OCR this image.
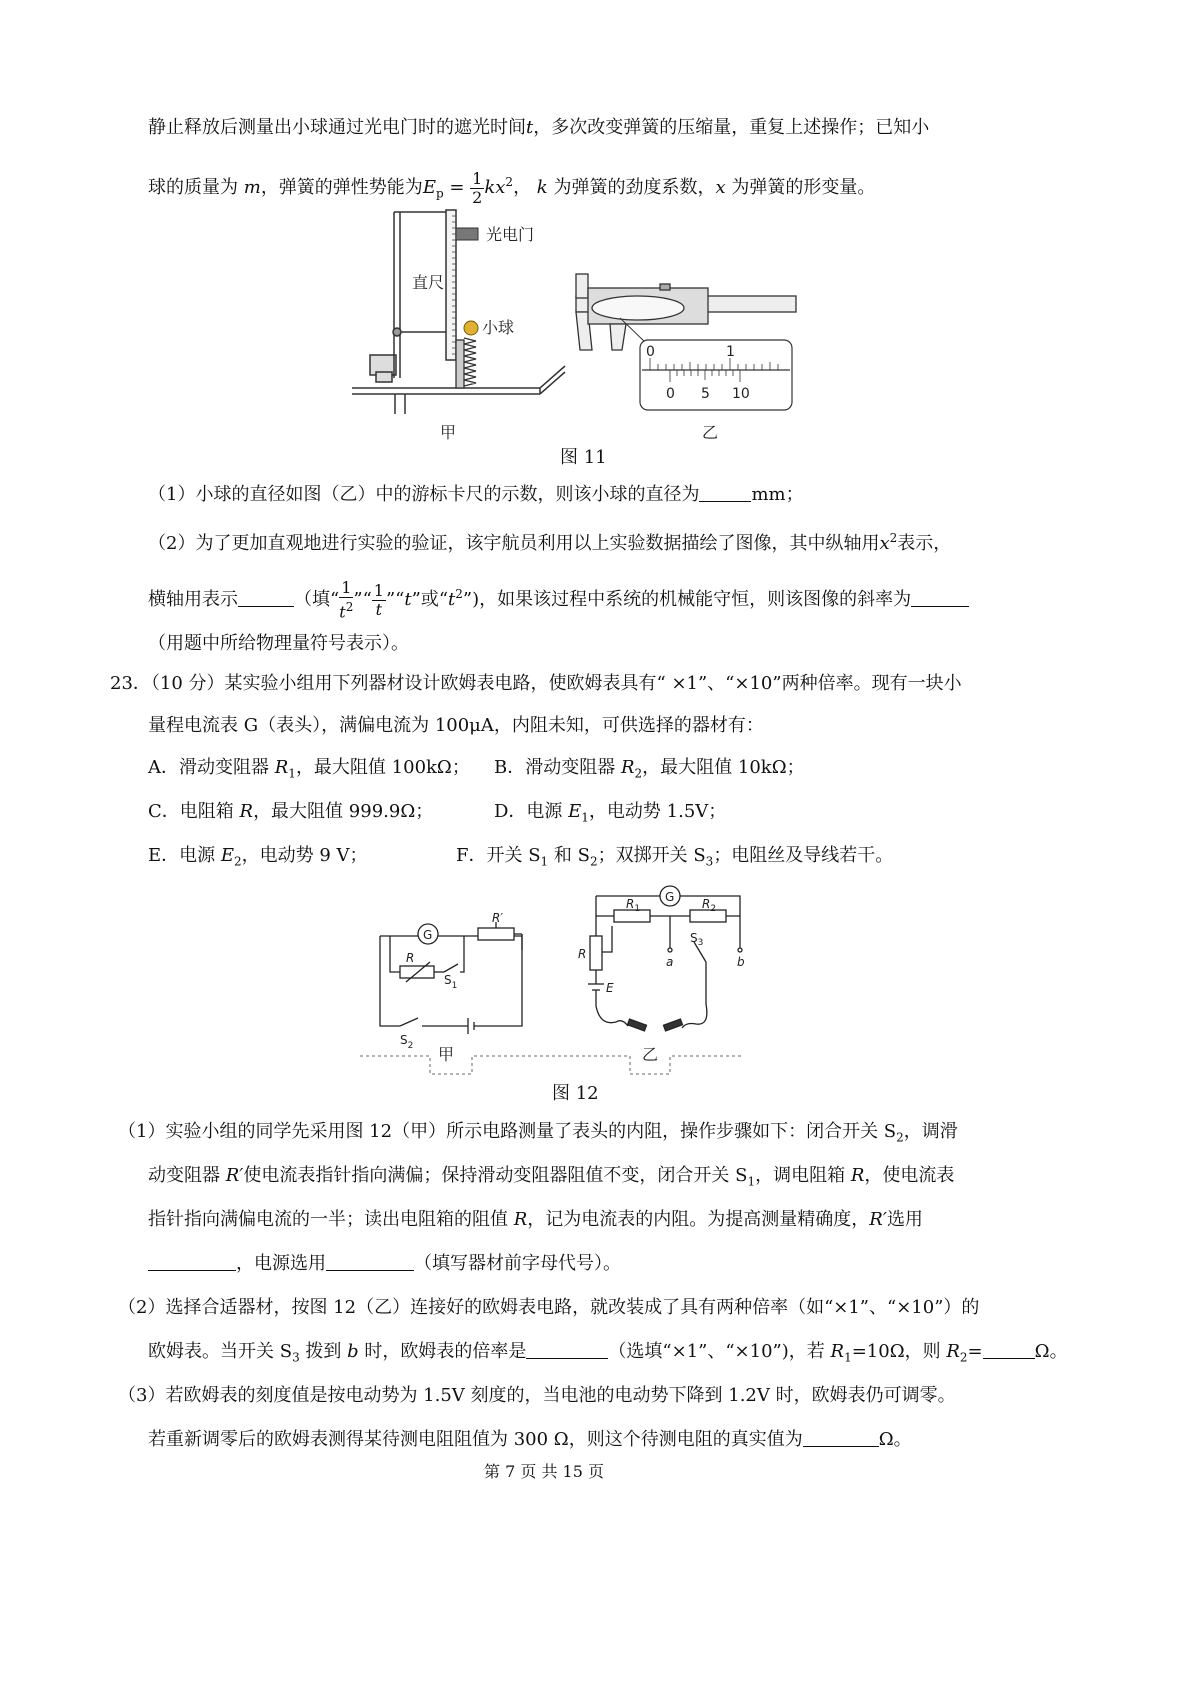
静止释放后测量出小球通过光电门时的遮光时间t，多次改变弹簧的压缩量，重复上述操作；已知小
球的质量为 m，弹簧的弹性势能为$E_p = \frac{1}{2} kx^2$， k 为弹簧的劲度系数，x 为弹簧的形变量。
光电门
直尺
小球
甲
0	1
0 5 10
乙
图 11
（1）小球的直径如图（乙）中的游标卡尺的示数，则该小球的直径为	mm；
（2）为了更加直观地进行实验的验证，该宇航员利用以上实验数据描绘了图像，其中纵轴用$x^2$表示，
横轴用表示	（填“ $\frac{1}{t^2}$ ”“ $\frac{1}{t}$ ”“t”或“$t^2$”)，如果该过程中系统的机械能守恒，则该图像的斜率为
（用题中所给物理量符号表示）。
23．（10 分）某实验小组用下列器材设计欧姆表电路，使欧姆表具有“ ×1”、“×10”两种倍率。现有一块小
量程电流表 G（表头），满偏电流为 100μA，内阻未知，可供选择的器材有：
A．滑动变阻器 $R_1$，最大阻值 100kΩ； B．滑动变阻器 $R_2$，最大阻值 10kΩ；
C．电阻箱 R，最大阻值 999.9Ω；	D．电源 $E_1$，电动势 1.5V；
E．电源 $E_2$，电动势 9 V；	F．开关 $S_1$ 和 $S_2$；双掷开关 $S_3$；电阻丝及导线若干。
G
R
$S_1$
R′
$S_2$ 甲
G
$R_1$	$R_2$
R
E
a	b
$S_3$
乙
图 12
（1）实验小组的同学先采用图 12（甲）所示电路测量了表头的内阻，操作步骤如下：闭合开关 $S_2$，调滑
动变阻器 R′使电流表指针指向满偏；保持滑动变阻器阻值不变，闭合开关 $S_1$，调电阻箱 R，使电流表
指针指向满偏电流的一半；读出电阻箱的阻值 R，记为电流表的内阻。为提高测量精确度，R′选用
，电源选用	（填写器材前字母代号）。
（2）选择合适器材，按图 12（乙）连接好的欧姆表电路，就改装成了具有两种倍率（如“×1”、“×10”）的
欧姆表。当开关 $S_3$ 拨到 b 时，欧姆表的倍率是	（选填“×1”、“×10”)，若 $R_1=10\Omega$，则 $R_2=$	Ω。
（3）若欧姆表的刻度值是按电动势为 1.5V 刻度的，当电池的电动势下降到 1.2V 时，欧姆表仍可调零。
若重新调零后的欧姆表测得某待测电阻阻值为 300 Ω，则这个待测电阻的真实值为	Ω。
第 7 页 共 15 页
